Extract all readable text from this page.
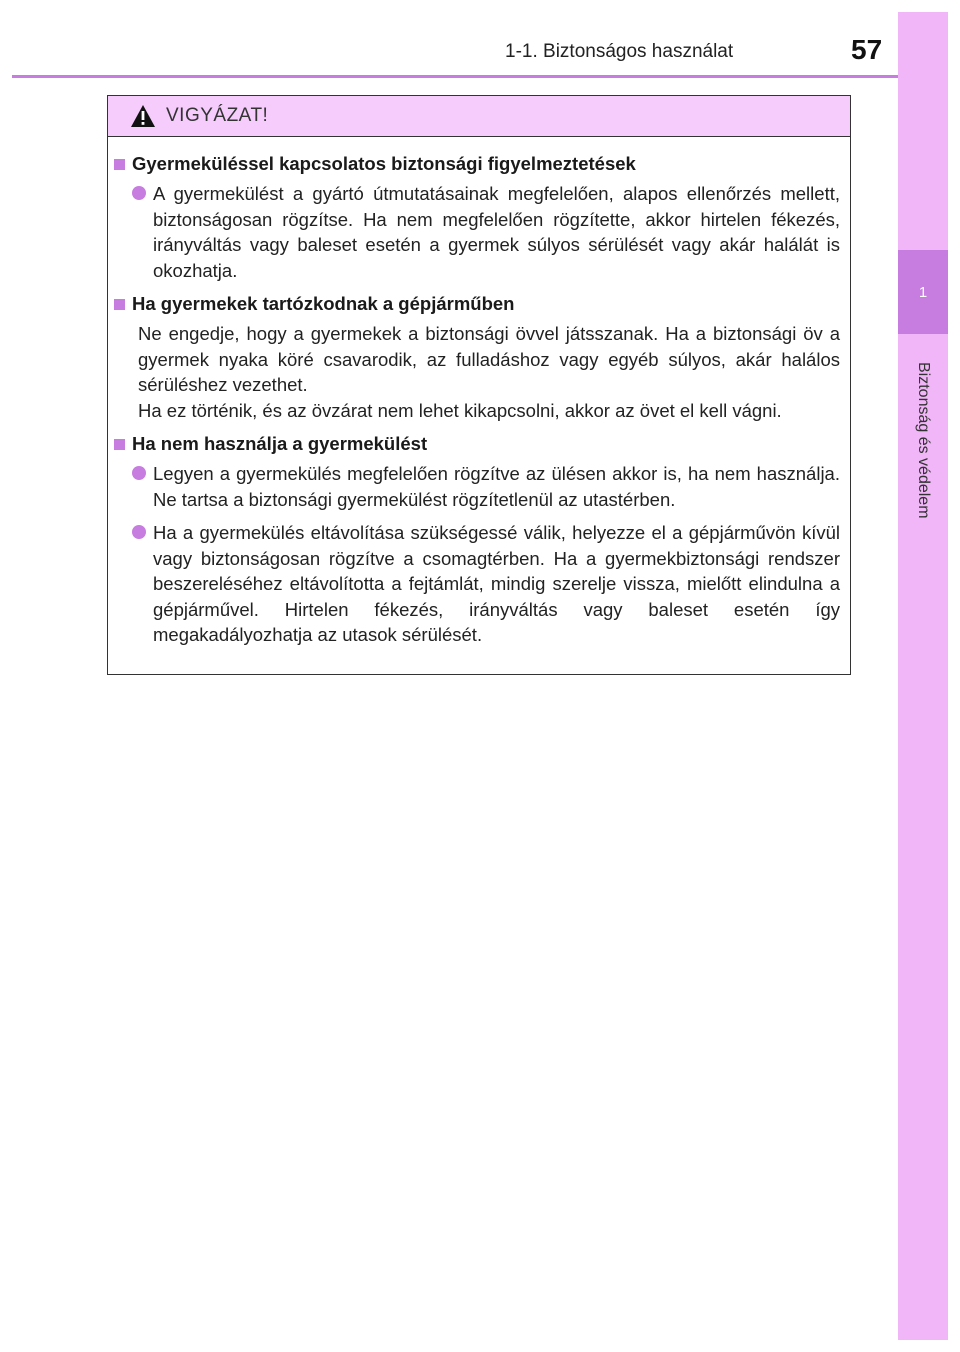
1-1. Biztonságos használat	57
1
Biztonság és védelem
VIGYÁZAT!
Gyermeküléssel kapcsolatos biztonsági figyelmeztetések
A gyermekülést a gyártó útmutatásainak megfelelően, alapos ellenőrzés mellett, biztonságosan rögzítse. Ha nem megfelelően rögzítette, akkor hirtelen fékezés, irányváltás vagy baleset esetén a gyermek súlyos sérülését vagy akár halálát is okozhatja.
Ha gyermekek tartózkodnak a gépjárműben

Ne engedje, hogy a gyermekek a biztonsági övvel játsszanak. Ha a biztonsági öv a gyermek nyaka köré csavarodik, az fulladáshoz vagy egyéb súlyos, akár halálos sérüléshez vezethet.

Ha ez történik, és az övzárat nem lehet kikapcsolni, akkor az övet el kell vágni.

Ha nem használja a gyermekülést
Legyen a gyermekülés megfelelően rögzítve az ülésen akkor is, ha nem használja. Ne tartsa a biztonsági gyermekülést rögzítetlenül az utastérben.
Ha a gyermekülés eltávolítása szükségessé válik, helyezze el a gépjárművön kívül vagy biztonságosan rögzítve a csomagtérben. Ha a gyermekbiztonsági rendszer beszereléséhez eltávolította a fejtámlát, mindig szerelje vissza, mielőtt elindulna a gépjárművel. Hirtelen fékezés, irányváltás vagy baleset esetén így megakadályozhatja az utasok sérülését.
